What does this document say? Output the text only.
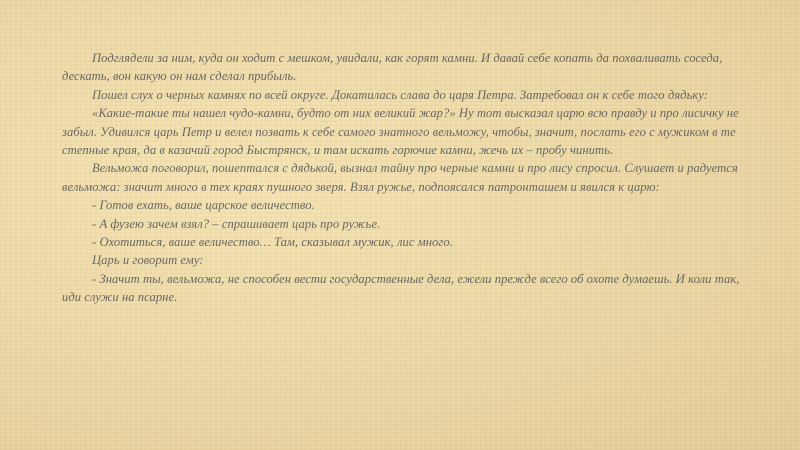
Подглядели за ним, куда он ходит с мешком, увидали, как горят камни. И давай себе копать да похваливать соседа, дескать, вон какую он нам сделал прибыль.

Пошел слух о черных камнях по всей округе. Докатилась слава до царя Петра. Затребовал он к себе того дядьку:

«Какие-такие ты нашел чудо-камни, будто от них великий жар?» Ну тот высказал царю всю правду и про лисичку не забыл. Удивился царь Петр и велел позвать к себе самого знатного вельможу, чтобы, значит, послать его с мужиком в те степные края, да в казачий город Быстрянск, и там искать горючие камни, жечь их – пробу чинить.

Вельможа поговорил, пошептался с дядькой, вызнал тайну про черные камни и про лису спросил. Слушает и радуется вельможа: значит много в тех краях пушного зверя. Взял ружье, подпоясался патронташем и явился к царю:

- Готов ехать, ваше царское величество.

- А фузею зачем взял? – спрашивает царь про ружье.

- Охотиться, ваше величество… Там, сказывал мужик, лис много.

Царь и говорит ему:

- Значит ты, вельможа, не способен вести государственные дела, ежели прежде всего об охоте думаешь. И коли так, иди служи на псарне.
